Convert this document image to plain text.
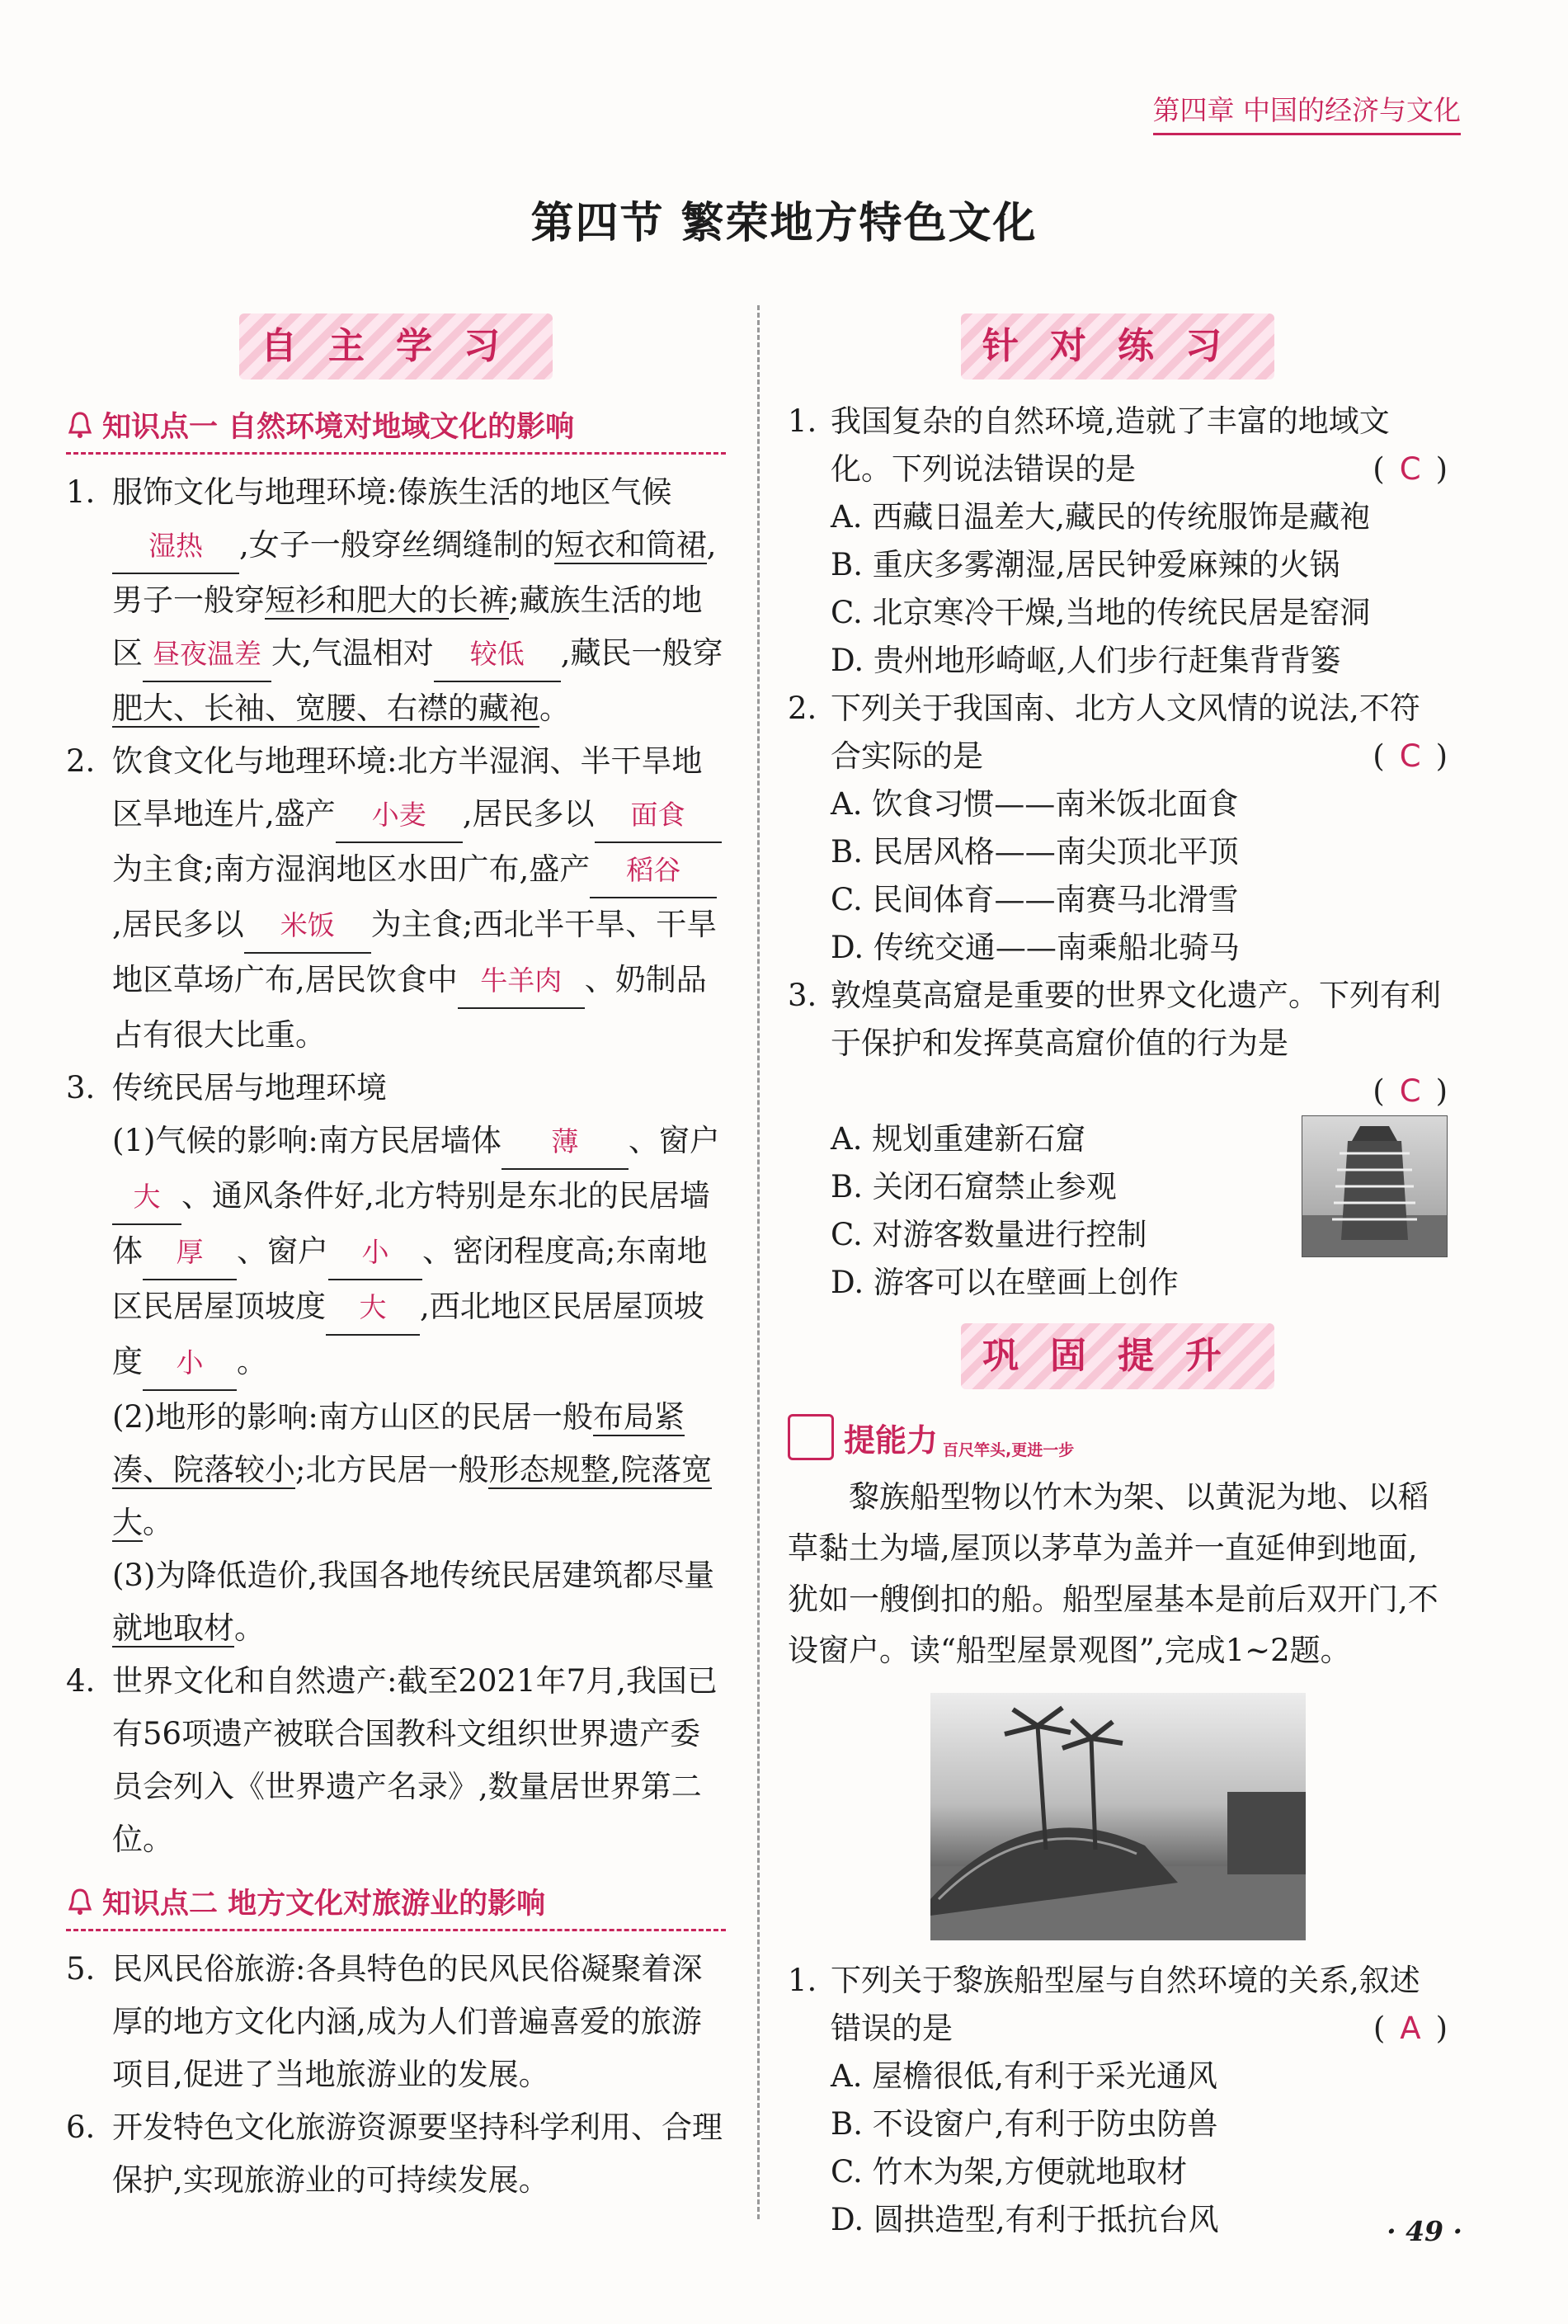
第四章 中国的经济与文化
第四节 繁荣地方特色文化
自主学习
知识点一 自然环境对地域文化的影响
1. 服饰文化与地理环境:傣族生活的地区气候湿热 ,女子一般穿丝绸缝制的短衣和筒裙,男子一般穿短衫和肥大的长裤;藏族生活的地区 昼夜温差 大,气温相对 较低 ,藏民一般穿肥大、长袖、宽腰、右襟的藏袍。
2. 饮食文化与地理环境:北方半湿润、半干旱地区旱地连片,盛产 小麦 ,居民多以 面食为主食;南方湿润地区水田广布,盛产 稻谷,居民多以 米饭 为主食;西北半干旱、干旱地区草场广布,居民饮食中 牛羊肉 、奶制品占有很大比重。
3. 传统民居与地理环境
(1)气候的影响:南方民居墙体 薄 、窗户大 、通风条件好,北方特别是东北的民居墙体 厚 、窗户 小 、密闭程度高;东南地区民居屋顶坡度 大 ,西北地区民居屋顶坡度 小 。
(2)地形的影响:南方山区的民居一般布局紧凑、院落较小;北方民居一般形态规整,院落宽大。
(3)为降低造价,我国各地传统民居建筑都尽量就地取材。
4. 世界文化和自然遗产:截至2021年7月,我国已有56项遗产被联合国教科文组织世界遗产委员会列入《世界遗产名录》,数量居世界第二位。
知识点二 地方文化对旅游业的影响
5. 民风民俗旅游:各具特色的民风民俗凝聚着深厚的地方文化内涵,成为人们普遍喜爱的旅游项目,促进了当地旅游业的发展。
6. 开发特色文化旅游资源要坚持科学利用、合理保护,实现旅游业的可持续发展。
针对练习
1. 我国复杂的自然环境,造就了丰富的地域文化。下列说法错误的是	( C )
A. 西藏日温差大,藏民的传统服饰是藏袍
B. 重庆多雾潮湿,居民钟爱麻辣的火锅
C. 北京寒冷干燥,当地的传统民居是窑洞
D. 贵州地形崎岖,人们步行赶集背背篓
2. 下列关于我国南、北方人文风情的说法,不符合实际的是	( C )
A. 饮食习惯——南米饭北面食
B. 民居风格——南尖顶北平顶
C. 民间体育——南赛马北滑雪
D. 传统交通——南乘船北骑马
3. 敦煌莫高窟是重要的世界文化遗产。下列有利于保护和发挥莫高窟价值的行为是
( C )
A. 规划重建新石窟
B. 关闭石窟禁止参观
C. 对游客数量进行控制
D. 游客可以在壁画上创作
巩固提升
提能力 百尺竿头,更进一步
黎族船型物以竹木为架、以黄泥为地、以稻草黏土为墙,屋顶以茅草为盖并一直延伸到地面,犹如一艘倒扣的船。船型屋基本是前后双开门,不设窗户。读“船型屋景观图”,完成1~2题。
1. 下列关于黎族船型屋与自然环境的关系,叙述错误的是	( A )
A. 屋檐很低,有利于采光通风
B. 不设窗户,有利于防虫防兽
C. 竹木为架,方便就地取材
D. 圆拱造型,有利于抵抗台风	· 49 ·
